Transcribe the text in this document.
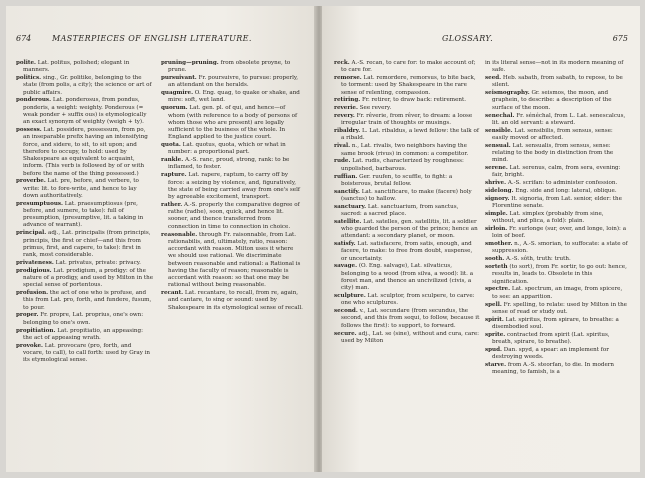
674	MASTERPIECES OF ENGLISH LITERATURE.

polite. Lat. politus, polished; elegant in manners.

politics. sing., Gr. politike, belonging to the state (from polis, a city); the science or art of public affairs.

ponderous. Lat. ponderosus, from pondus, ponderis, a weight: weighty. Ponderous (= weak ponder + suffix ous) is etymologically an exact synonym of weighty (weigh + ty).

possess. Lat. possidere, possessum, from po, an inseparable prefix having an intensifying force, and sidere, to sit, to sit upon; and therefore to occupy, to hold: used by Shakespeare as equivalent to acquaint, inform. (This verb is followed by of or with before the name of the thing possessed.)

proverbe. Lat. pre, before, and verbere, to write: lit. to fore-write, and hence to lay down authoritatively.

presumptuous. Lat. praesumptiosus (pre, before, and sumere, to take): full of presumption, (presumptive, lit. a taking in advance of warrant).

principal. adj., Lat. principalis (from principis, principis, the first or chief—and this from primus, first, and capere, to take): first in rank, most considerable.

privateness. Lat. privatus, private: privacy.

prodigious. Lat. prodigium, a prodigy: of the nature of a prodigy, and used by Milton in the special sense of portentous.

profusion. the act of one who is profuse, and this from Lat. pro, forth, and fundere, fusum, to pour.

proper. Fr. propre, Lat. proprius, one's own: belonging to one's own.

propitiation. Lat. propitiatio, an appeasing: the act of appeasing wrath.

provoke. Lat. provocare (pro, forth, and vocare, to call), to call forth: used by Gray in its etymological sense.

pruning—pruning. from obsolete proyne, to prune.

pursuivant. Fr. poursuivre, to pursue: properly, an attendant on the heralds.

quagmire. O. Eng. quag, to quake or shake, and mire: soft, wet land.

quorum. Lat. gen. pl. of qui, and hence—of whom (with reference to a body of persons of whom those who are present) are legally sufficient to the business of the whole. In England applied to the justice court.

quota. Lat. quotus, quota, which or what in number: a proportional part.

rankle. A.-S. ranc, proud, strong, rank: to be inflamed, to fester.

rapture. Lat. rapere, raptum, to carry off by force: a seizing by violence, and, figuratively, the state of being carried away from one's self by agreeable excitement, transport.

rather. A.-S. properly the comparative degree of rathe (radhe), soon, quick, and hence lit. sooner, and thence transferred from connection in time to connection in choice.

reasonable. through Fr. raisonnable, from Lat. rationabilis, and, ultimately, ratio, reason: accordant with reason. Milton uses it where we should use rational. We discriminate between reasonable and rational: a Rational is having the faculty of reason; reasonable is accordant with reason: so that one may be rational without being reasonable.

recant. Lat. recantare, to recall, from re, again, and cantare, to sing or sound: used by Shakespeare in its etymological sense of recall.

GLOSSARY.	675

reck. A.-S. recan, to care for: to make account of; to care for.

remorse. Lat. remordere, remorsus, to bite back, to torment: used by Shakespeare in the rare sense of relenting, compassion.

retiring. Fr. retirer, to draw back: retirement.

reverie. See revery.

revery. Fr. rêverie, from rêver, to dream: a loose irregular train of thoughts or musings.

ribaldry. L. Lat. ribaldus, a lewd fellow: the talk of a ribald.

rival. n., Lat. rivalis, two neighbors having the same brook (rivus) in common: a competitor.

rude. Lat. rudis, characterized by roughness: unpolished, barbarous.

ruffian. Ger. ruufen, to scuffle, to fight: a boisterous, brutal fellow.

sanctify. Lat. sanctificare, to make (facere) holy (sanctus) to hallow.

sanctuary. Lat. sanctuarium, from sanctus, sacred: a sacred place.

satellite. Lat. satelles, gen. satellitis, lit. a soldier who guarded the person of the prince; hence an attendant: a secondary planet, or moon.

satisfy. Lat. satisfacere, from satis, enough, and facere, to make: to free from doubt, suspense, or uncertainty.

savage. (O. Eng. salvage), Lat. silvaticus, belonging to a wood (from silva, a wood): lit. a forest man, and thence an uncivilized (civis, a city) man.

sculpture. Lat. sculptor, from sculpere, to carve: one who sculptures.

second. v., Lat. secundare (from secundus, the second, and this from sequi, to follow, because it follows the first): to support, to forward.

secure. adj., Lat. se (sine), without and cura, care: used by Milton

in its literal sense—not in its modern meaning of safe.

seed. Heb. sabath, from sabath, to repose, to be silent.

seismography. Gr. seismos, the moon, and graphein, to describe: a description of the surface of the moon.

senechal. Fr. sénéchal, from L. Lat. senescalcus, lit. an old servant: a steward.

sensible. Lat. sensibilis, from sensus, sense: easily moved or affected.

sensual. Lat. sensualis, from sensus, sense: relating to the body in distinction from the mind.

serene. Lat. serenus, calm, from sera, evening: fair, bright.

shrive. A.-S. scrifan: to administer confession.

sidelong. Eng. side and long: lateral, oblique.

signory. It. signoria, from Lat. senior, elder: the Florentine senate.

simple. Lat. simplex (probably from sine, without, and plica, a fold): plain.

sirloin. Fr. surlonge (sur, over, and longe, loin): a loin of beef.

smother. n., A.-S. smorian, to suffocate: a state of suppression.

sooth. A.-S. sôth, truth: truth.

sorteth (to sort), from Fr. sortir, to go out: hence, results in, leads to. Obsolete in this signification.

spectre. Lat. spectrum, an image, from spicere, to see: an apparition.

spell. Fr. spelling, to relate: used by Milton in the sense of read or study out.

spirit. Lat. spiritus, from spirare, to breathe: a disembodied soul.

sprite. contracted from spirit (Lat. spiritus, breath, spirare, to breathe).

spud. Dan. spyd, a spear: an implement for destroying weeds.

starve. from A.-S. steorfan, to die. In modern meaning, to famish, is a
